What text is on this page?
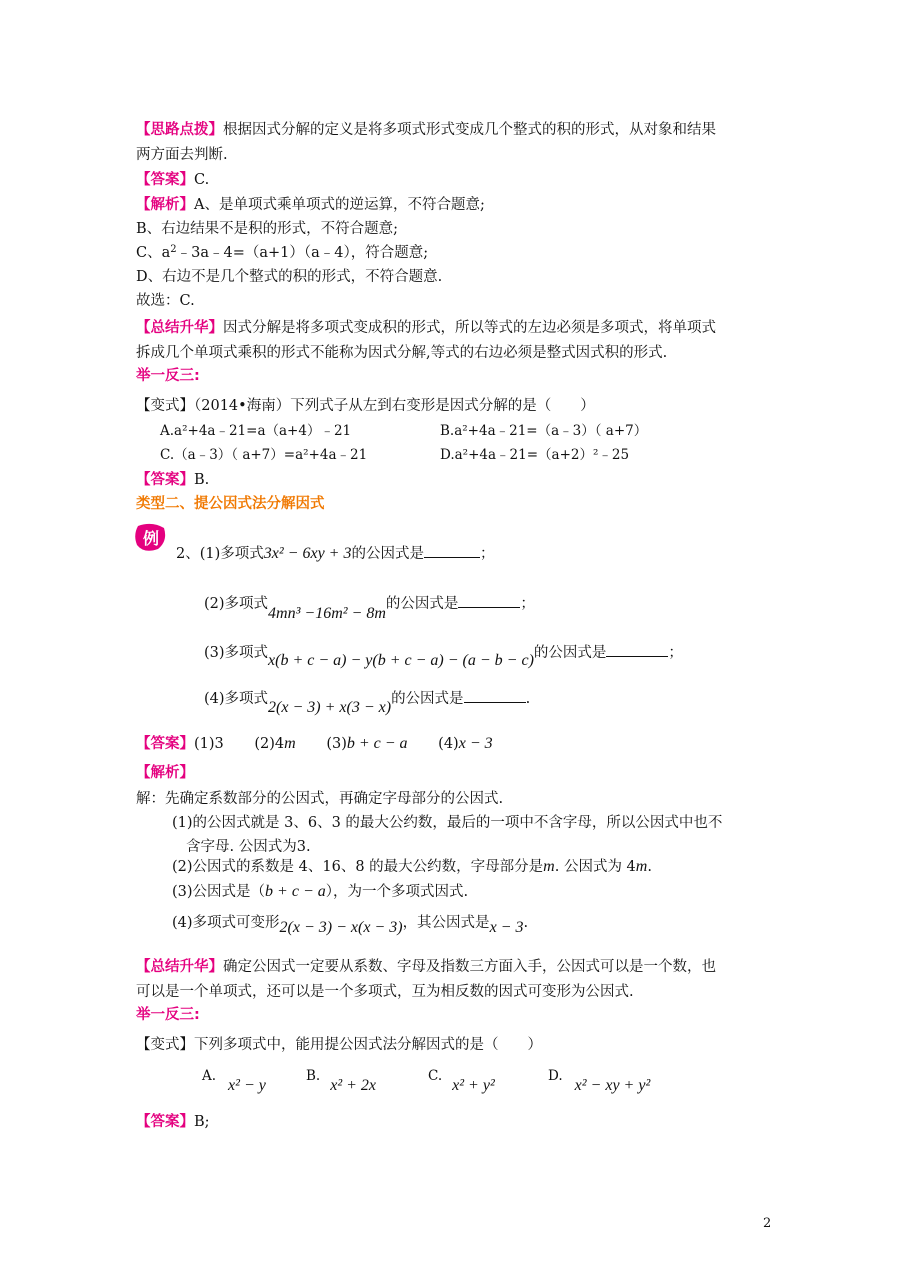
【思路点拨】根据因式分解的定义是将多项式形式变成几个整式的积的形式，从对象和结果
两方面去判断.
【答案】C.
【解析】A、是单项式乘单项式的逆运算，不符合题意;
B、右边结果不是积的形式，不符合题意;
C、$a^2﹣3a﹣4=(a+1)(a﹣4)$，符合题意;
D、右边不是几个整式的积的形式，不符合题意.
故选：C.
【总结升华】因式分解是将多项式变成积的形式，所以等式的左边必须是多项式，将单项式
拆成几个单项式乘积的形式不能称为因式分解,等式的右边必须是整式因式积的形式.
举一反三:
【变式】（2014•海南）下列式子从左到右变形是因式分解的是（　　）
A.a²+4a﹣21=a（a+4）﹣21	B.a²+4a﹣21=（a﹣3）（ a+7）
C.（a﹣3）（ a+7）=a²+4a﹣21	D.a²+4a﹣21=（a+2）²﹣25
【答案】B.
类型二、提公因式法分解因式
例
2、(1)多项式3x² − 6xy + 3的公因式是	；
(2)多项式4mn³ −16m² − 8m的公因式是	；
(3)多项式x(b + c − a) − y(b + c − a) − (a − b − c)的公因式是	；
(4)多项式2(x − 3) + x(3 − x)的公因式是	.
【答案】(1)3 (2)4m (3)b + c − a (4)x − 3
【解析】
解：先确定系数部分的公因式，再确定字母部分的公因式.
(1)的公因式就是 3、6、3 的最大公约数，最后的一项中不含字母，所以公因式中也不
含字母. 公因式为3.
(2)公因式的系数是 4、16、8 的最大公约数，字母部分是m. 公因式为 4m.
(3)公因式是（b + c − a），为一个多项式因式.
(4)多项式可变形2(x − 3) − x(x − 3)，其公因式是x − 3.
【总结升华】确定公因式一定要从系数、字母及指数三方面入手，公因式可以是一个数，也
可以是一个单项式，还可以是一个多项式，互为相反数的因式可变形为公因式.
举一反三:
【变式】下列多项式中，能用提公因式法分解因式的是（　　）
A.x² − y
B.x² + 2x
C.x² + y²
D.x² − xy + y²
【答案】B;
2
